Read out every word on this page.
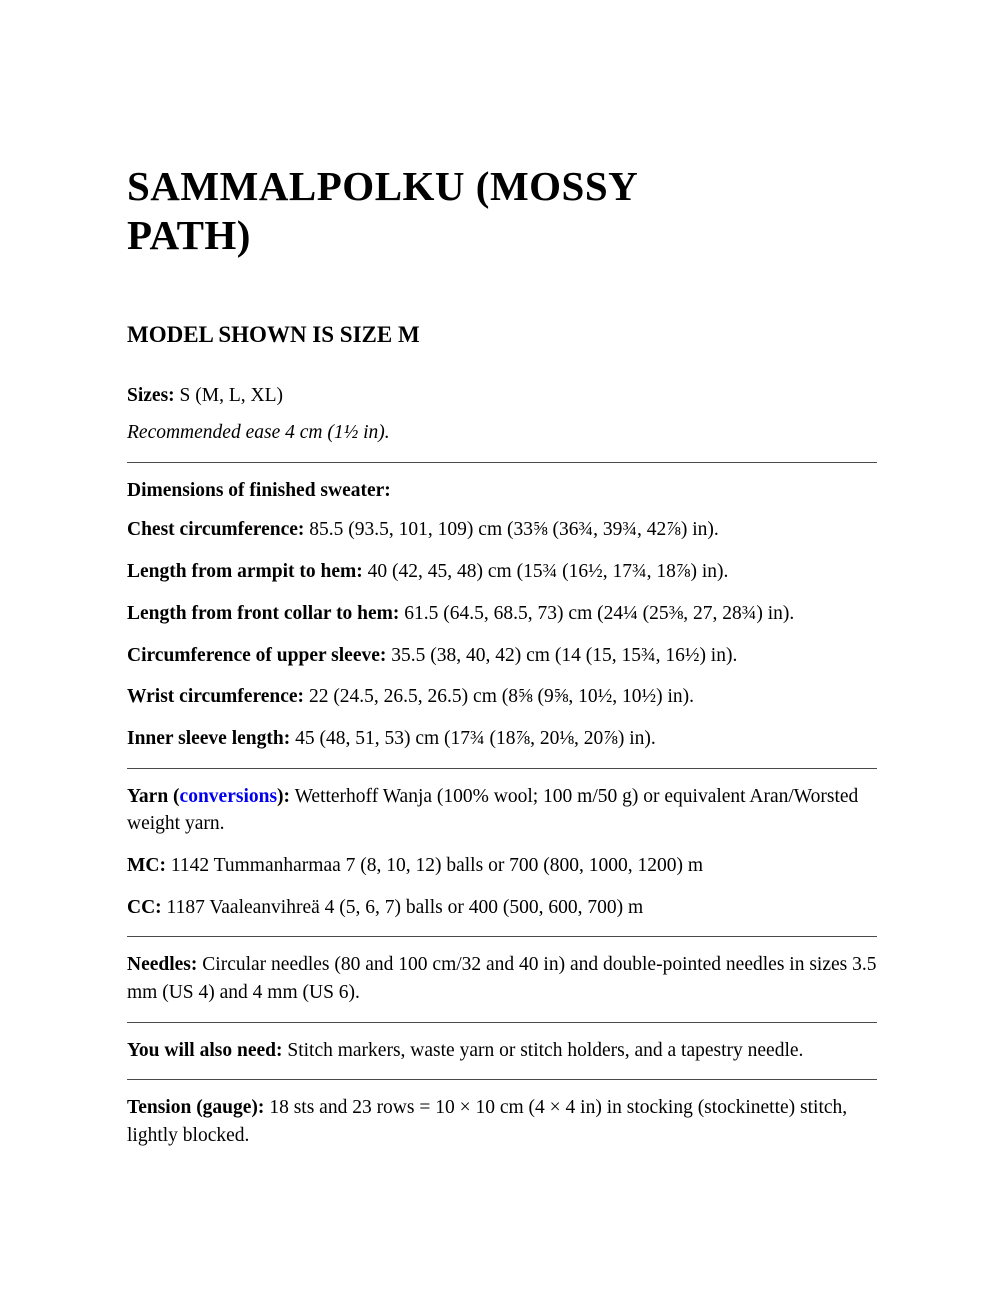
SAMMALPOLKU (MOSSY PATH)
MODEL SHOWN IS SIZE M

Sizes: S (M, L, XL)

Recommended ease 4 cm (1½ in).

Dimensions of finished sweater:

Chest circumference: 85.5 (93.5, 101, 109) cm (33⅝ (36¾, 39¾, 42⅞) in).

Length from armpit to hem: 40 (42, 45, 48) cm (15¾ (16½, 17¾, 18⅞) in).

Length from front collar to hem: 61.5 (64.5, 68.5, 73) cm (24¼ (25⅜, 27, 28¾) in).

Circumference of upper sleeve: 35.5 (38, 40, 42) cm (14 (15, 15¾, 16½) in).

Wrist circumference: 22 (24.5, 26.5, 26.5) cm (8⅝ (9⅝, 10½, 10½) in).

Inner sleeve length: 45 (48, 51, 53) cm (17¾ (18⅞, 20⅛, 20⅞) in).

Yarn (conversions): Wetterhoff Wanja (100% wool; 100 m/50 g) or equivalent Aran/Worsted weight yarn.

MC: 1142 Tummanharmaa 7 (8, 10, 12) balls or 700 (800, 1000, 1200) m

CC: 1187 Vaaleanvihreä 4 (5, 6, 7) balls or 400 (500, 600, 700) m

Needles: Circular needles (80 and 100 cm/32 and 40 in) and double-pointed needles in sizes 3.5 mm (US 4) and 4 mm (US 6).

You will also need: Stitch markers, waste yarn or stitch holders, and a tapestry needle.

Tension (gauge): 18 sts and 23 rows = 10 × 10 cm (4 × 4 in) in stocking (stockinette) stitch, lightly blocked.
